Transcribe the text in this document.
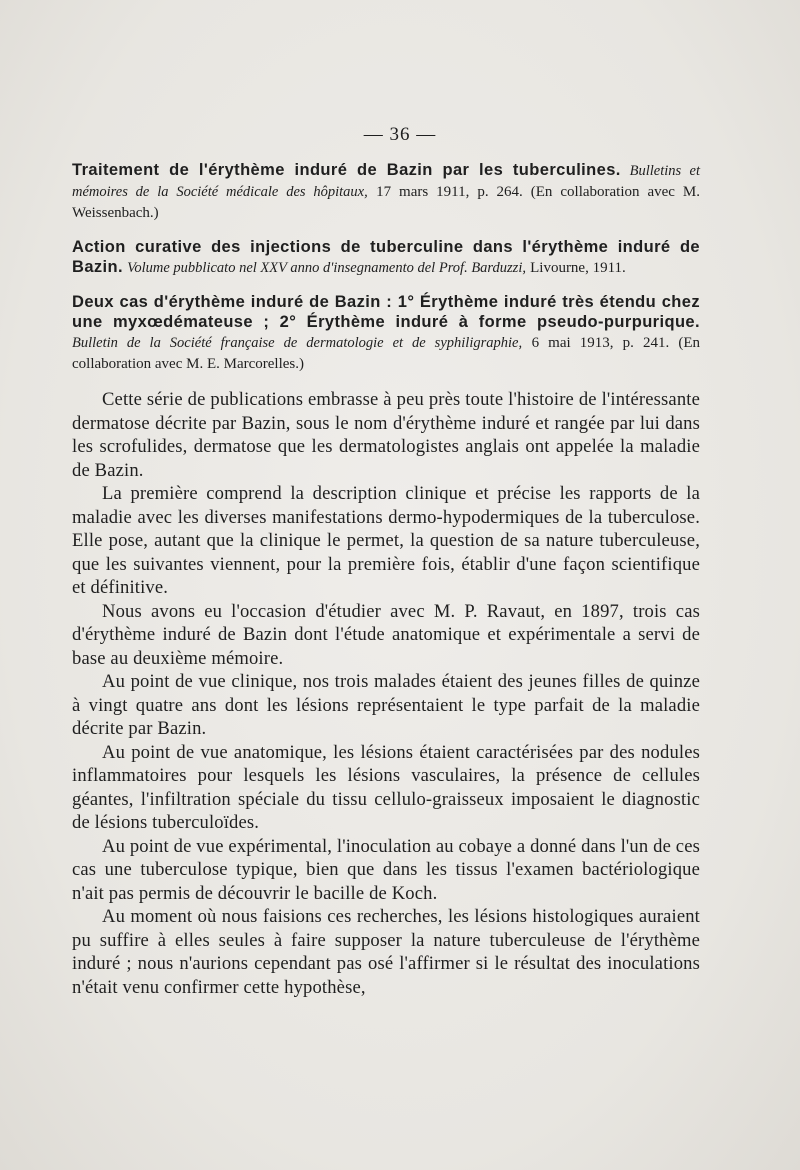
— 36 —
Traitement de l'érythème induré de Bazin par les tuberculines. Bulletins et mémoires de la Société médicale des hôpitaux, 17 mars 1911, p. 264. (En collaboration avec M. Weissenbach.)
Action curative des injections de tuberculine dans l'érythème induré de Bazin. Volume pubblicato nel XXV anno d'insegnamento del Prof. Barduzzi, Livourne, 1911.
Deux cas d'érythème induré de Bazin : 1° Érythème induré très étendu chez une myxœdémateuse ; 2° Érythème induré à forme pseudo-purpurique. Bulletin de la Société française de dermatologie et de syphiligraphie, 6 mai 1913, p. 241. (En collaboration avec M. E. Marcorelles.)

Cette série de publications embrasse à peu près toute l'histoire de l'intéressante dermatose décrite par Bazin, sous le nom d'érythème induré et rangée par lui dans les scrofulides, dermatose que les dermatologistes anglais ont appelée la maladie de Bazin.

La première comprend la description clinique et précise les rapports de la maladie avec les diverses manifestations dermo-hypodermiques de la tuberculose. Elle pose, autant que la clinique le permet, la question de sa nature tuberculeuse, que les suivantes viennent, pour la première fois, établir d'une façon scientifique et définitive.

Nous avons eu l'occasion d'étudier avec M. P. Ravaut, en 1897, trois cas d'érythème induré de Bazin dont l'étude anatomique et expérimentale a servi de base au deuxième mémoire.

Au point de vue clinique, nos trois malades étaient des jeunes filles de quinze à vingt quatre ans dont les lésions représentaient le type parfait de la maladie décrite par Bazin.

Au point de vue anatomique, les lésions étaient caractérisées par des nodules inflammatoires pour lesquels les lésions vasculaires, la présence de cellules géantes, l'infiltration spéciale du tissu cellulo-graisseux imposaient le diagnostic de lésions tuberculoïdes.

Au point de vue expérimental, l'inoculation au cobaye a donné dans l'un de ces cas une tuberculose typique, bien que dans les tissus l'examen bactériologique n'ait pas permis de découvrir le bacille de Koch.

Au moment où nous faisions ces recherches, les lésions histologiques auraient pu suffire à elles seules à faire supposer la nature tuberculeuse de l'érythème induré ; nous n'aurions cependant pas osé l'affirmer si le résultat des inoculations n'était venu confirmer cette hypothèse,
